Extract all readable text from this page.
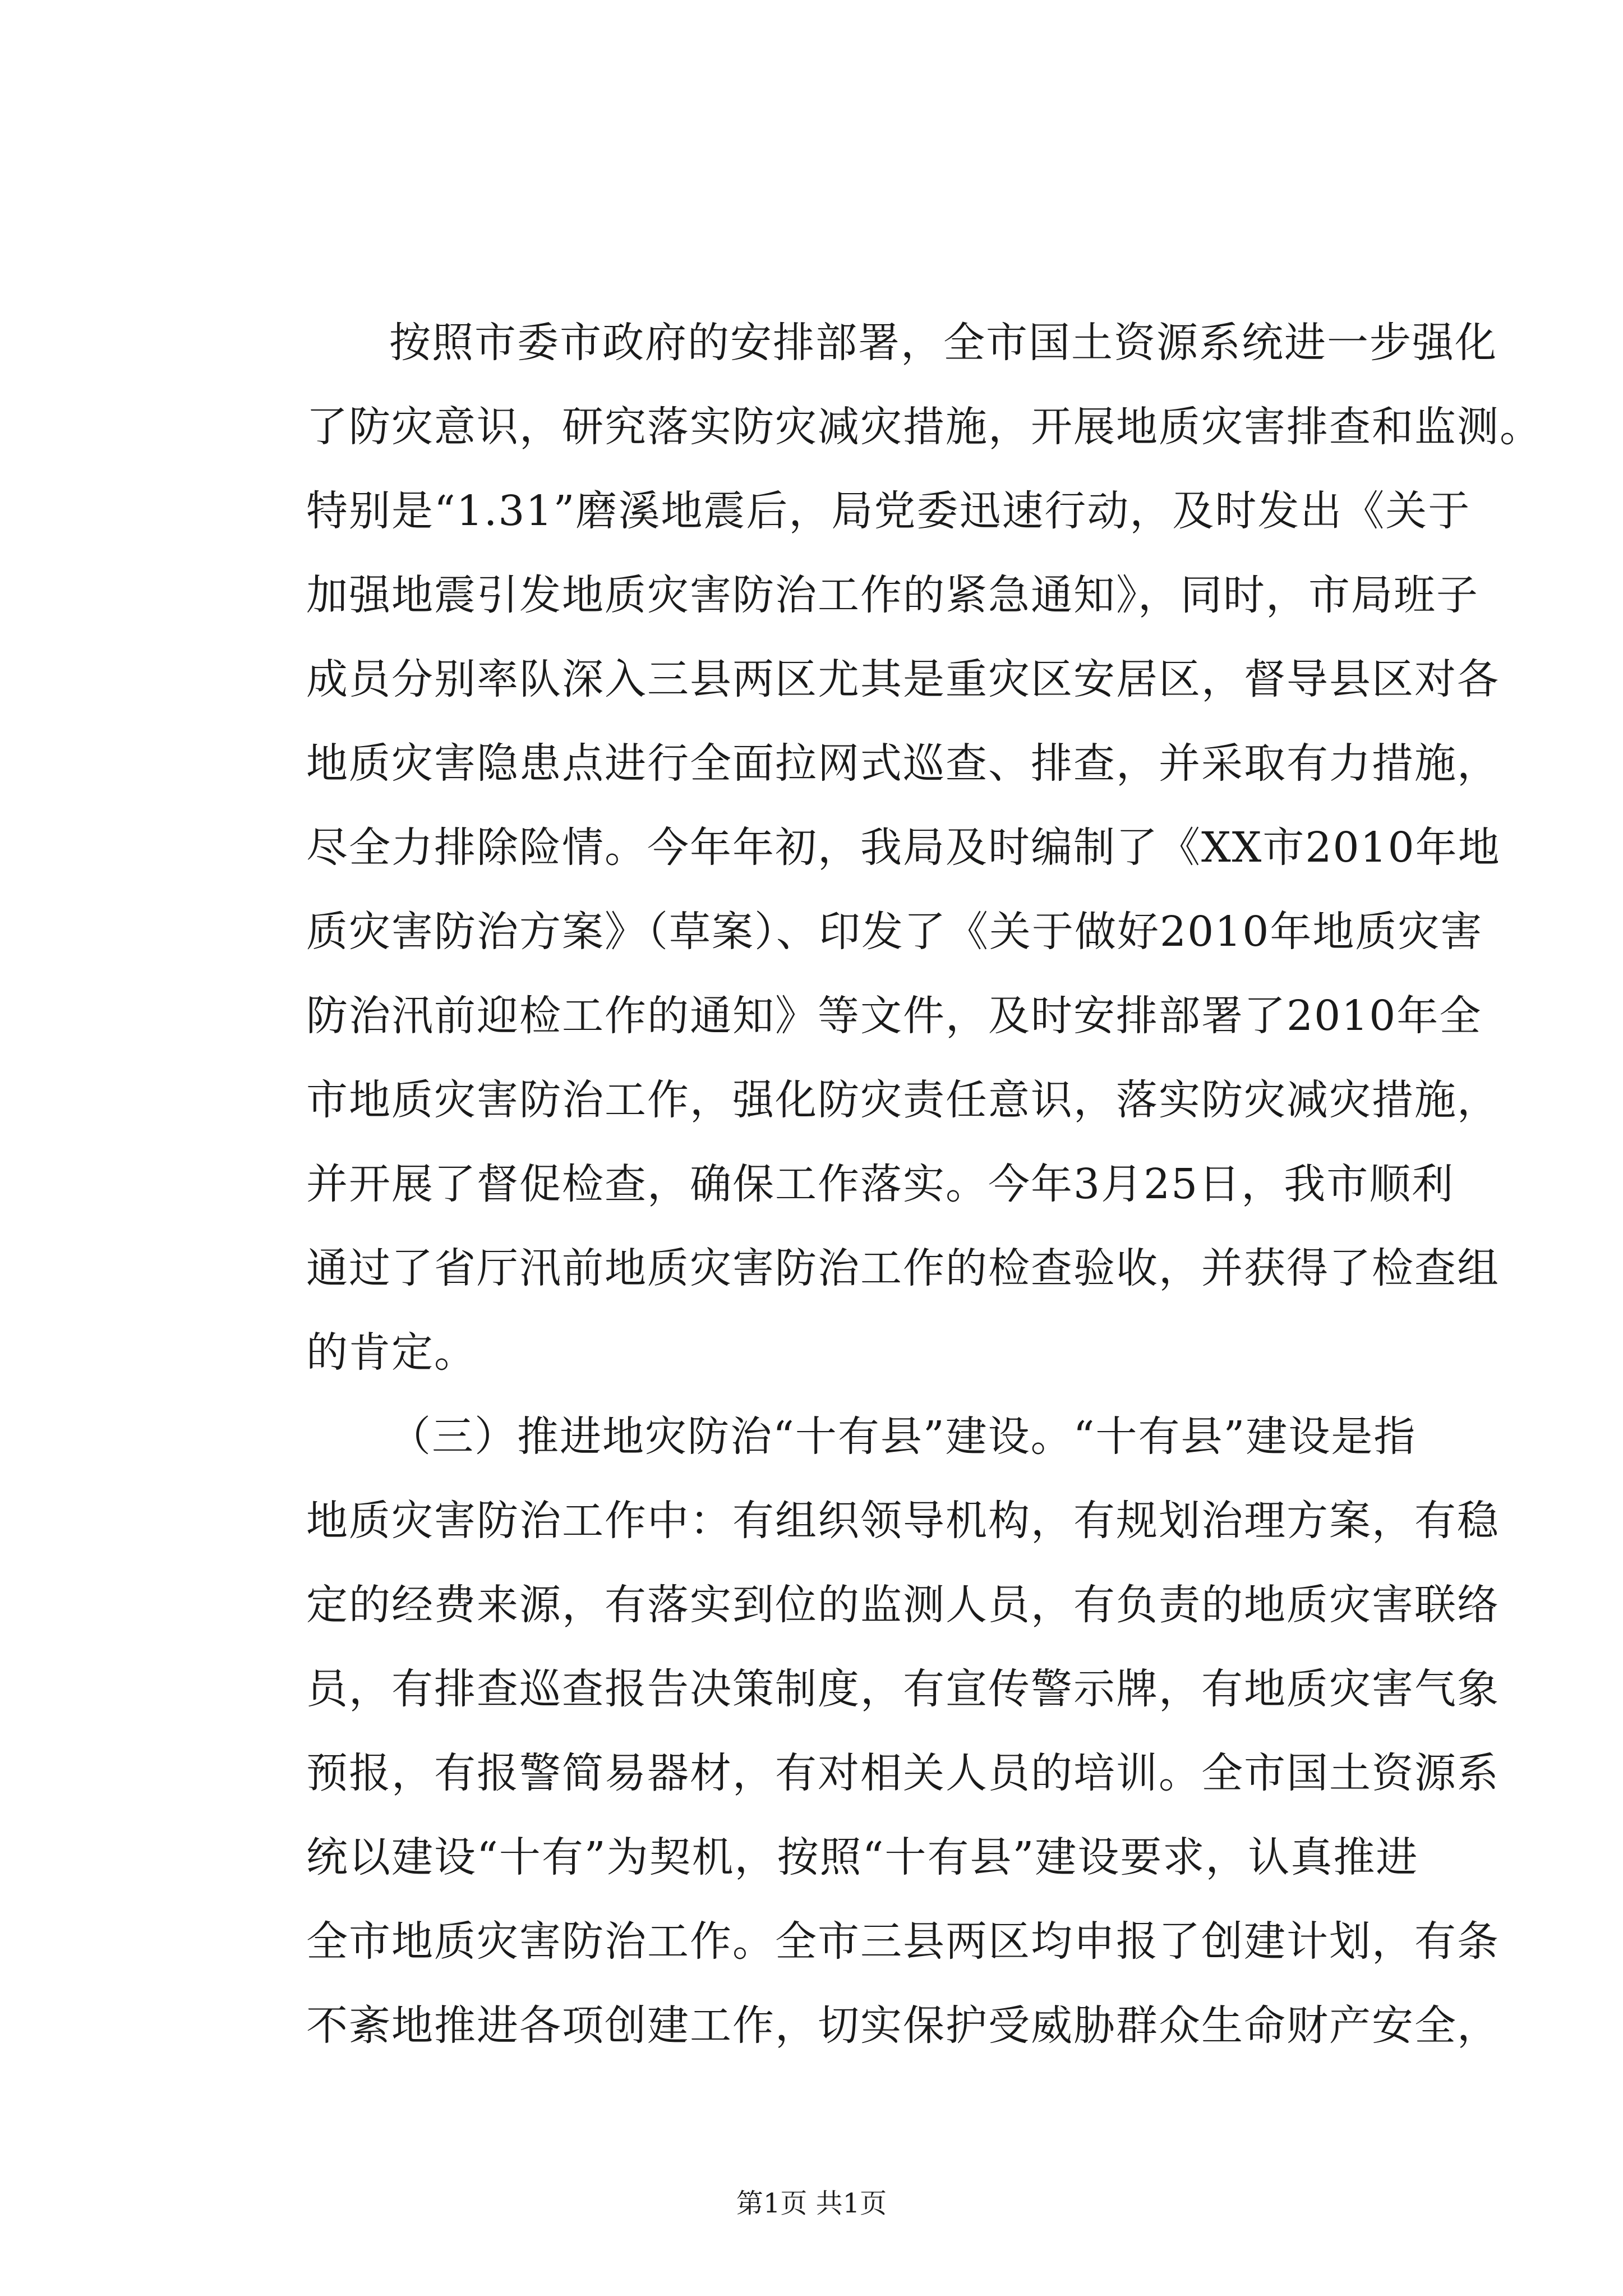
按照市委市政府的安排部署，全市国土资源系统进一步强化
了防灾意识，研究落实防灾减灾措施，开展地质灾害排查和监测。
特别是“1.31”磨溪地震后，局党委迅速行动，及时发出《关于
加强地震引发地质灾害防治工作的紧急通知》，同时，市局班子
成员分别率队深入三县两区尤其是重灾区安居区，督导县区对各
地质灾害隐患点进行全面拉网式巡查、排查，并采取有力措施，
尽全力排除险情。今年年初，我局及时编制了《XX市2010年地
质灾害防治方案》（草案）、印发了《关于做好2010年地质灾害
防治汛前迎检工作的通知》等文件，及时安排部署了2010年全
市地质灾害防治工作，强化防灾责任意识，落实防灾减灾措施，
并开展了督促检查，确保工作落实。今年3月25日，我市顺利
通过了省厅汛前地质灾害防治工作的检查验收，并获得了检查组
的肯定。
（三）推进地灾防治“十有县”建设。“十有县”建设是指
地质灾害防治工作中：有组织领导机构，有规划治理方案，有稳
定的经费来源，有落实到位的监测人员，有负责的地质灾害联络
员，有排查巡查报告决策制度，有宣传警示牌，有地质灾害气象
预报，有报警简易器材，有对相关人员的培训。全市国土资源系
统以建设“十有”为契机，按照“十有县”建设要求，认真推进
全市地质灾害防治工作。全市三县两区均申报了创建计划，有条
不紊地推进各项创建工作，切实保护受威胁群众生命财产安全，
第1页 共1页
